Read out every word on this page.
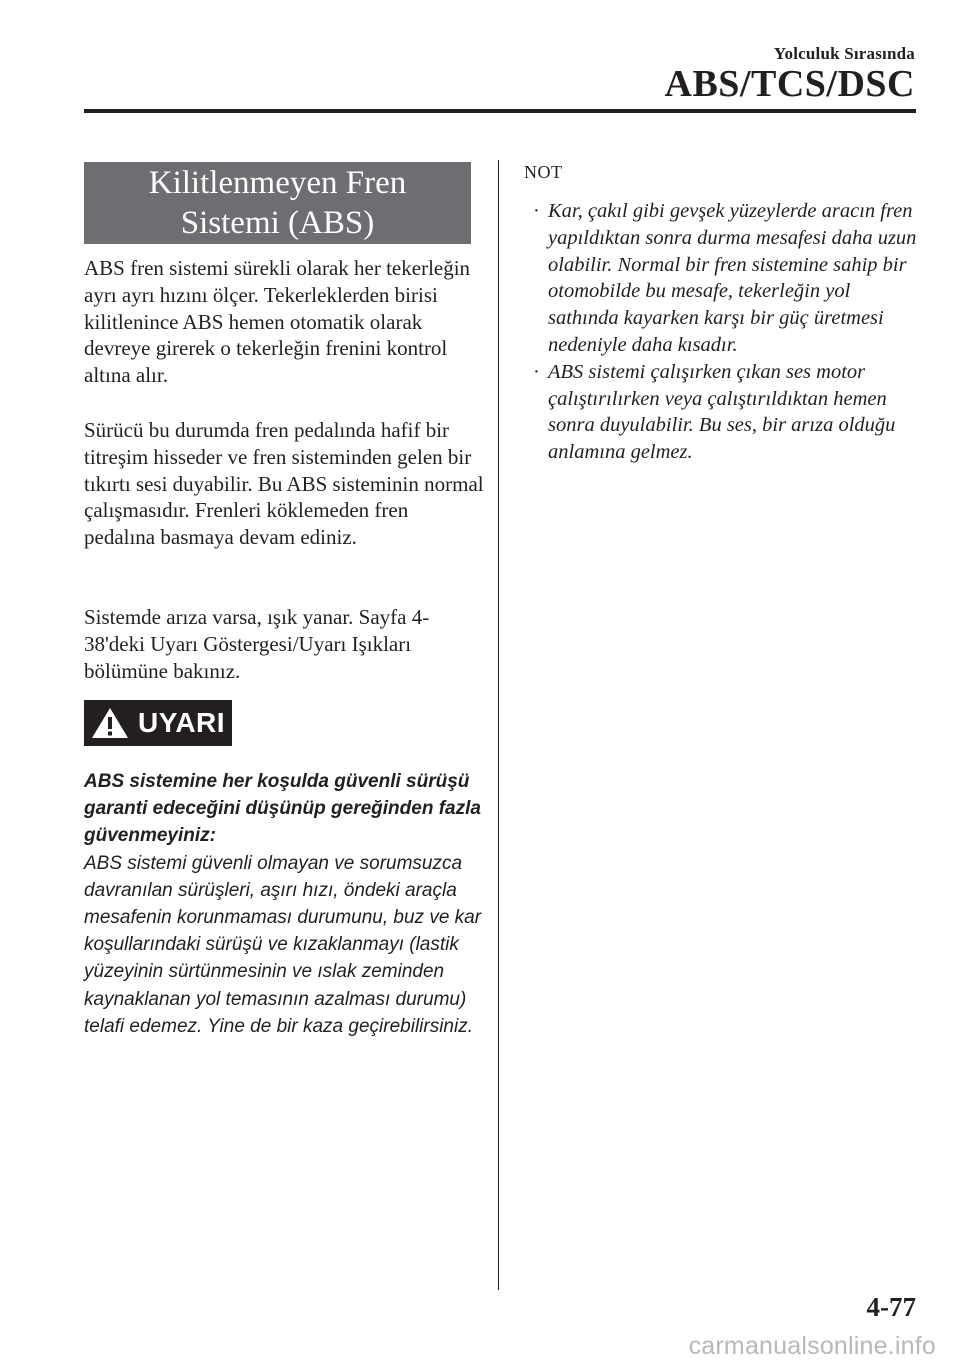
Yolculuk Sırasında
ABS/TCS/DSC
Kilitlenmeyen Fren
Sistemi (ABS)

ABS fren sistemi sürekli olarak her tekerleğin ayrı ayrı hızını ölçer. Tekerleklerden birisi kilitlenince ABS hemen otomatik olarak devreye girerek o tekerleğin frenini kontrol altına alır.

Sürücü bu durumda fren pedalında hafif bir titreşim hisseder ve fren sisteminden gelen bir tıkırtı sesi duyabilir. Bu ABS sisteminin normal çalışmasıdır. Frenleri köklemeden fren pedalına basmaya devam ediniz.

Sistemde arıza varsa, ışık yanar. Sayfa 4-38'deki Uyarı Göstergesi/Uyarı Işıkları bölümüne bakınız.

UYARI

ABS sistemine her koşulda güvenli sürüşü garanti edeceğini düşünüp gereğinden fazla güvenmeyiniz:
ABS sistemi güvenli olmayan ve sorumsuzca davranılan sürüşleri, aşırı hızı, öndeki araçla mesafenin korunmaması durumunu, buz ve kar koşullarındaki sürüşü ve kızaklanmayı (lastik yüzeyinin sürtünmesinin ve ıslak zeminden kaynaklanan yol temasının azalması durumu) telafi edemez. Yine de bir kaza geçirebilirsiniz.

NOT
· Kar, çakıl gibi gevşek yüzeylerde aracın fren yapıldıktan sonra durma mesafesi daha uzun olabilir. Normal bir fren sistemine sahip bir otomobilde bu mesafe, tekerleğin yol sathında kayarken karşı bir güç üretmesi nedeniyle daha kısadır.
· ABS sistemi çalışırken çıkan ses motor çalıştırılırken veya çalıştırıldıktan hemen sonra duyulabilir. Bu ses, bir arıza olduğu anlamına gelmez.
4-77
carmanualsonline.info
